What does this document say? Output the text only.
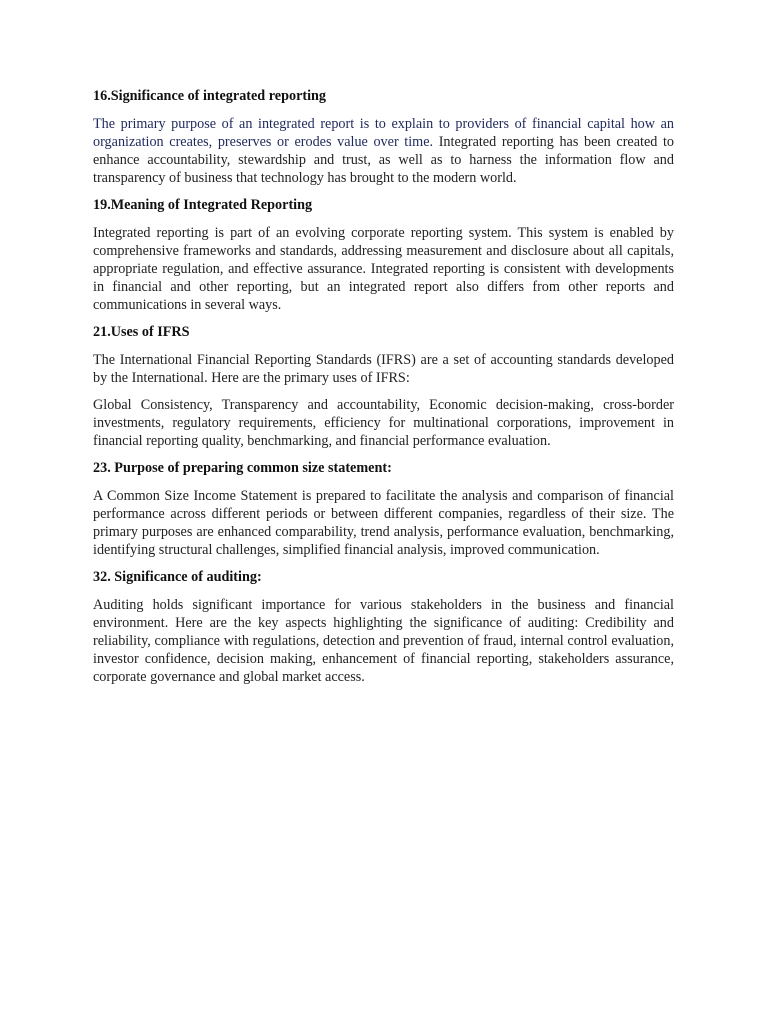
16.Significance of integrated reporting

The primary purpose of an integrated report is to explain to providers of financial capital how an organization creates, preserves or erodes value over time. Integrated reporting has been created to enhance accountability, stewardship and trust, as well as to harness the information flow and transparency of business that technology has brought to the modern world.

19.Meaning of Integrated Reporting

Integrated reporting is part of an evolving corporate reporting system. This system is enabled by comprehensive frameworks and standards, addressing measurement and disclosure about all capitals, appropriate regulation, and effective assurance. Integrated reporting is consistent with developments in financial and other reporting, but an integrated report also differs from other reports and communications in several ways.

21.Uses of IFRS

The International Financial Reporting Standards (IFRS) are a set of accounting standards developed by the International. Here are the primary uses of IFRS:

Global Consistency, Transparency and accountability, Economic decision-making, cross-border investments, regulatory requirements, efficiency for multinational corporations, improvement in financial reporting quality, benchmarking, and financial performance evaluation.

23. Purpose of preparing common size statement:

A Common Size Income Statement is prepared to facilitate the analysis and comparison of financial performance across different periods or between different companies, regardless of their size. The primary purposes are enhanced comparability, trend analysis, performance evaluation, benchmarking, identifying structural challenges, simplified financial analysis, improved communication.

32. Significance of auditing:

Auditing holds significant importance for various stakeholders in the business and financial environment. Here are the key aspects highlighting the significance of auditing: Credibility and reliability, compliance with regulations, detection and prevention of fraud, internal control evaluation, investor confidence, decision making, enhancement of financial reporting, stakeholders assurance, corporate governance and global market access.
